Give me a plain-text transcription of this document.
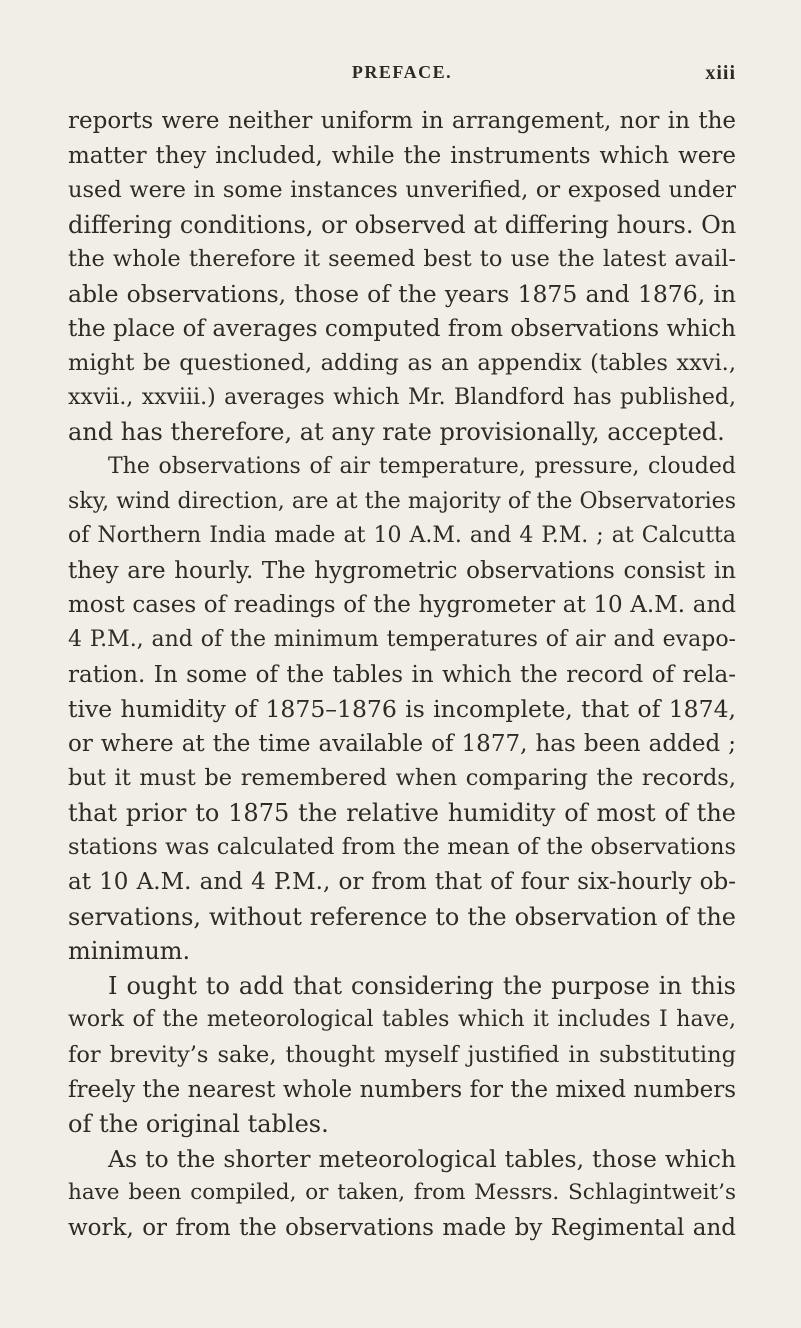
PREFACE.	xiii
reports were neither uniform in arrangement, nor in the
matter they included, while the instruments which were
used were in some instances unverified, or exposed under
differing conditions, or observed at differing hours. On
the whole therefore it seemed best to use the latest avail-
able observations, those of the years 1875 and 1876, in
the place of averages computed from observations which
might be questioned, adding as an appendix (tables xxvi.,
xxvii., xxviii.) averages which Mr. Blandford has published,
and has therefore, at any rate provisionally, accepted.
The observations of air temperature, pressure, clouded
sky, wind direction, are at the majority of the Observatories
of Northern India made at 10 A.M. and 4 P.M. ; at Calcutta
they are hourly. The hygrometric observations consist in
most cases of readings of the hygrometer at 10 A.M. and
4 P.M., and of the minimum temperatures of air and evapo-
ration. In some of the tables in which the record of rela-
tive humidity of 1875–1876 is incomplete, that of 1874,
or where at the time available of 1877, has been added ;
but it must be remembered when comparing the records,
that prior to 1875 the relative humidity of most of the
stations was calculated from the mean of the observations
at 10 A.M. and 4 P.M., or from that of four six-hourly ob-
servations, without reference to the observation of the
minimum.
I ought to add that considering the purpose in this
work of the meteorological tables which it includes I have,
for brevity’s sake, thought myself justified in substituting
freely the nearest whole numbers for the mixed numbers
of the original tables.
As to the shorter meteorological tables, those which
have been compiled, or taken, from Messrs. Schlagintweit’s
work, or from the observations made by Regimental and
